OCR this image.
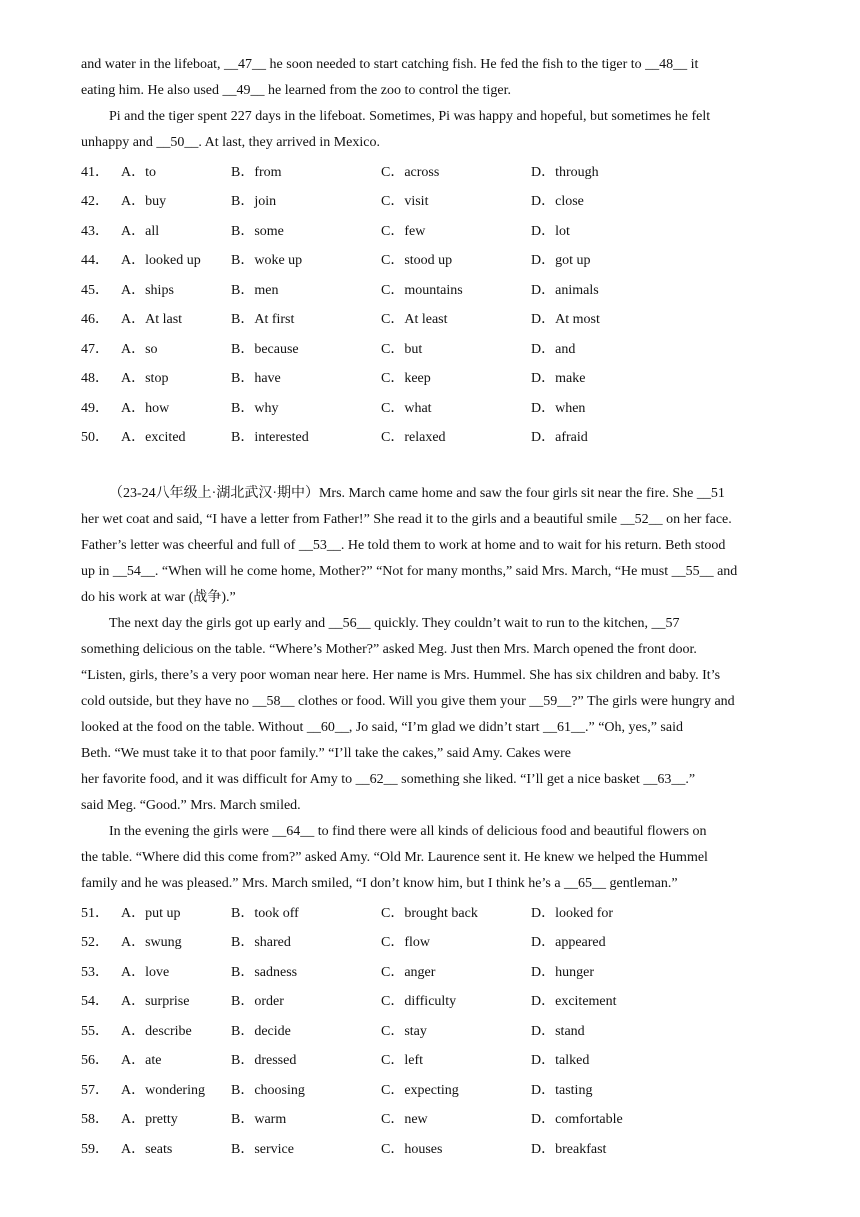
and water in the lifeboat, __47__ he soon needed to start catching fish. He fed the fish to the tiger to __48__ it
eating him. He also used __49__ he learned from the zoo to control the tiger.
Pi and the tiger spent 227 days in the lifeboat. Sometimes, Pi was happy and hopeful, but sometimes he felt
unhappy and __50__. At last, they arrived in Mexico.

41．	A．to	B．from	C．across	D．through
42．	A．buy	B．join	C．visit	D．close
43．	A．all	B．some	C．few	D．lot
44．	A．looked up	B．woke up	C．stood up	D．got up
45．	A．ships	B．men	C．mountains	D．animals
46．	A．At last	B．At first	C．At least	D．At most
47．	A．so	B．because	C．but	D．and
48．	A．stop	B．have	C．keep	D．make
49．	A．how	B．why	C．what	D．when
50．	A．excited	B．interested	C．relaxed	D．afraid

（23-24八年级上·湖北武汉·期中）Mrs. March came home and saw the four girls sit near the fire. She __51
her wet coat and said, “I have a letter from Father!” She read it to the girls and a beautiful smile __52__ on her face.
Father’s letter was cheerful and full of __53__. He told them to work at home and to wait for his return. Beth stood
up in __54__. “When will he come home, Mother?” “Not for many months,” said Mrs. March, “He must __55__ and
do his work at war (战争).”
The next day the girls got up early and __56__ quickly. They couldn’t wait to run to the kitchen, __57
something delicious on the table. “Where’s Mother?” asked Meg. Just then Mrs. March opened the front door.
“Listen, girls, there’s a very poor woman near here. Her name is Mrs. Hummel. She has six children and baby. It’s
cold outside, but they have no __58__ clothes or food. Will you give them your __59__?” The girls were hungry and
looked at the food on the table. Without __60__, Jo said, “I’m glad we didn’t start __61__.” “Oh, yes,” said
Beth. “We must take it to that poor family.” “I’ll take the cakes,” said Amy. Cakes were
her favorite food, and it was difficult for Amy to __62__ something she liked. “I’ll get a nice basket __63__.”
said Meg. “Good.” Mrs. March smiled.
In the evening the girls were __64__ to find there were all kinds of delicious food and beautiful flowers on
the table. “Where did this come from?” asked Amy. “Old Mr. Laurence sent it. He knew we helped the Hummel
family and he was pleased.” Mrs. March smiled, “I don’t know him, but I think he’s a __65__ gentleman.”

51．	A．put up	B．took off	C．brought back	D．looked for
52．	A．swung	B．shared	C．flow	D．appeared
53．	A．love	B．sadness	C．anger	D．hunger
54．	A．surprise	B．order	C．difficulty	D．excitement
55．	A．describe	B．decide	C．stay	D．stand
56．	A．ate	B．dressed	C．left	D．talked
57．	A．wondering	B．choosing	C．expecting	D．tasting
58．	A．pretty	B．warm	C．new	D．comfortable
59．	A．seats	B．service	C．houses	D．breakfast
